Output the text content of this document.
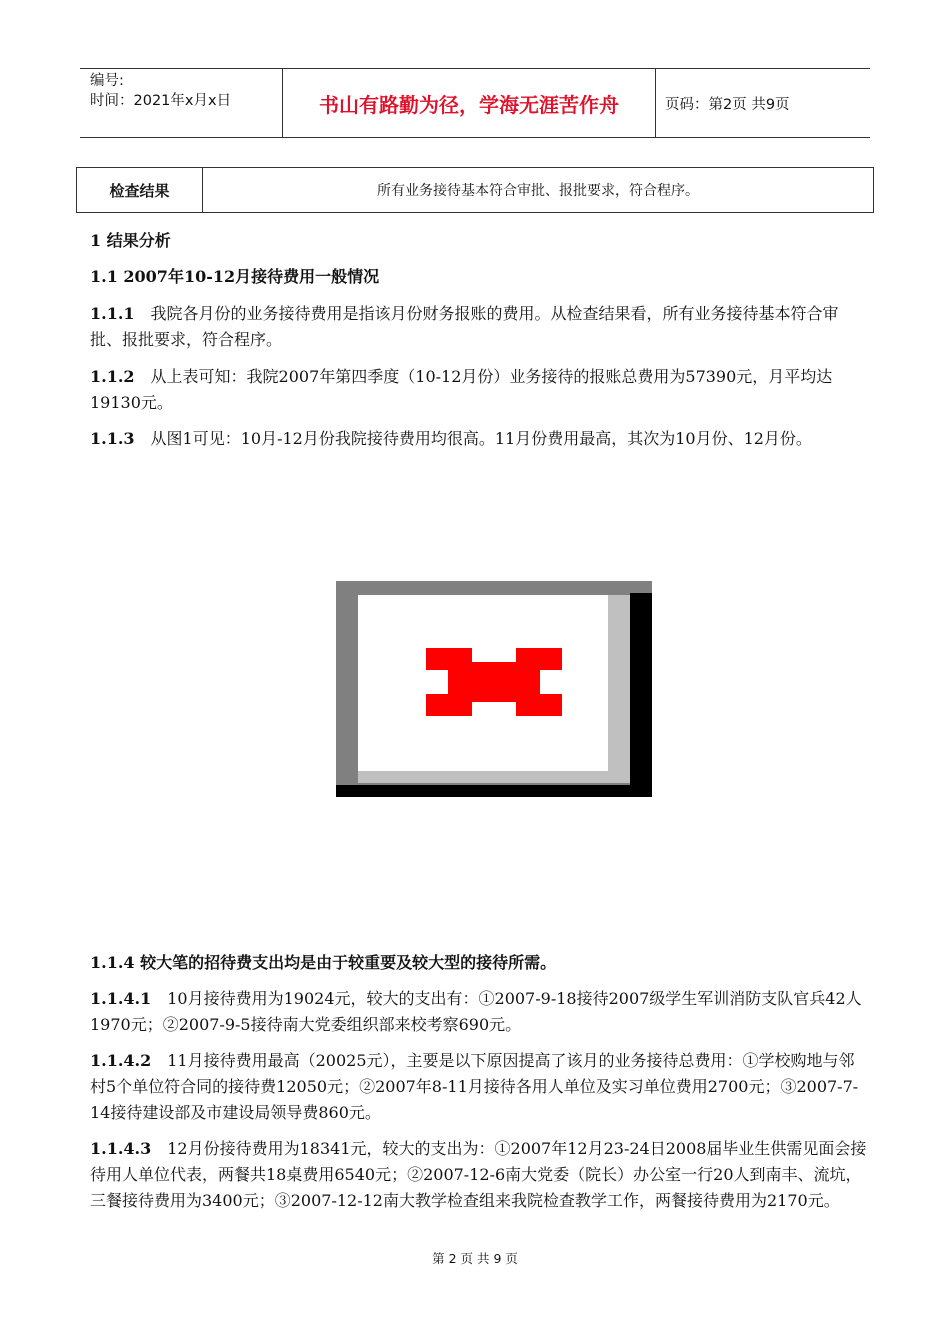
编号:
时间：2021年x月x日	书山有路勤为径，学海无涯苦作舟	页码：第2页 共9页
检查结果	所有业务接待基本符合审批、报批要求，符合程序。
1 结果分析
1.1 2007年10-12月接待费用一般情况
1.1.1 我院各月份的业务接待费用是指该月份财务报账的费用。从检查结果看，所有业务接待基本符合审批、报批要求，符合程序。
1.1.2 从上表可知：我院2007年第四季度（10-12月份）业务接待的报账总费用为57390元，月平均达19130元。
1.1.3 从图1可见：10月-12月份我院接待费用均很高。11月份费用最高，其次为10月份、12月份。
1.1.4 较大笔的招待费支出均是由于较重要及较大型的接待所需。
1.1.4.1 10月接待费用为19024元，较大的支出有：①2007-9-18接待2007级学生军训消防支队官兵42人1970元；②2007-9-5接待南大党委组织部来校考察690元。
1.1.4.2 11月接待费用最高（20025元），主要是以下原因提高了该月的业务接待总费用：①学校购地与邻村5个单位符合同的接待费12050元；②2007年8-11月接待各用人单位及实习单位费用2700元；③2007-7-14接待建设部及市建设局领导费860元。
1.1.4.3 12月份接待费用为18341元，较大的支出为：①2007年12月23-24日2008届毕业生供需见面会接待用人单位代表，两餐共18桌费用6540元；②2007-12-6南大党委（院长）办公室一行20人到南丰、流坑，三餐接待费用为3400元；③2007-12-12南大教学检查组来我院检查教学工作，两餐接待费用为2170元。
第 2 页 共 9 页
